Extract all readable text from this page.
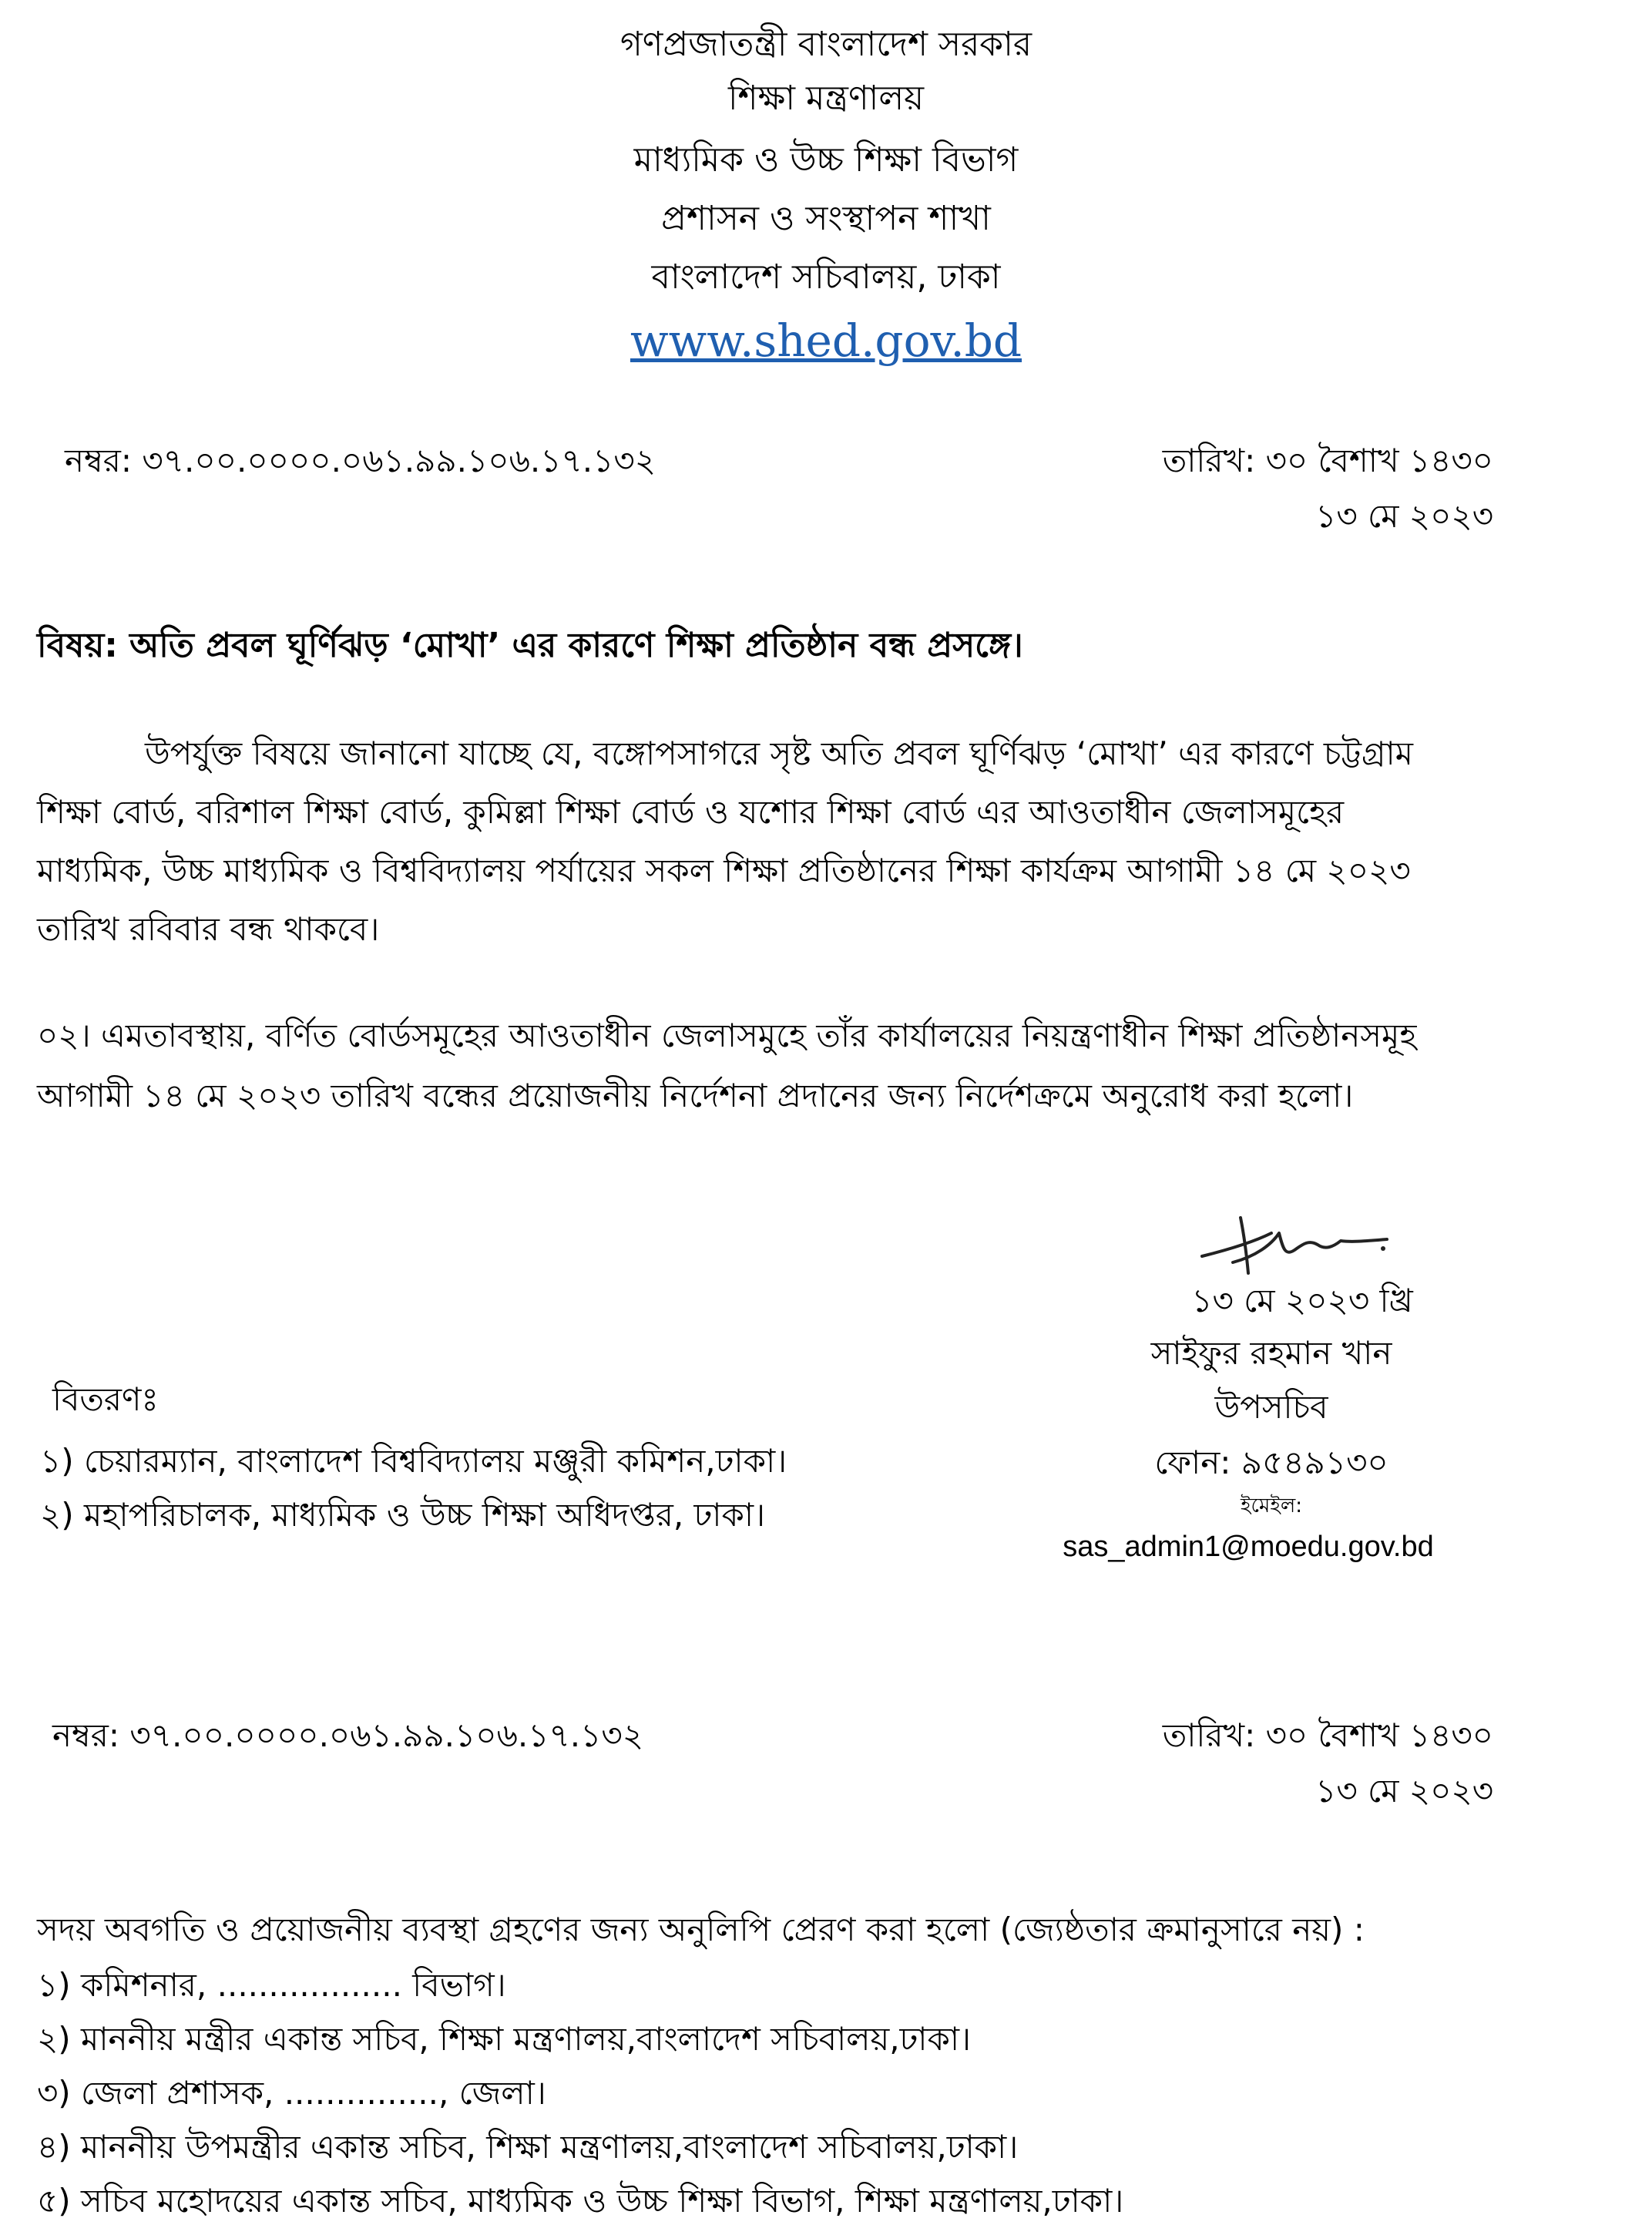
গণপ্রজাতন্ত্রী বাংলাদেশ সরকার
শিক্ষা মন্ত্রণালয়
মাধ্যমিক ও উচ্চ শিক্ষা বিভাগ
প্রশাসন ও সংস্থাপন শাখা
বাংলাদেশ সচিবালয়, ঢাকা
www.shed.gov.bd
নম্বর: ৩৭.০০.০০০০.০৬১.৯৯.১০৬.১৭.১৩২	তারিখ: ৩০ বৈশাখ ১৪৩০
১৩ মে ২০২৩
বিষয়: অতি প্রবল ঘূর্ণিঝড় ‘মোখা’ এর কারণে শিক্ষা প্রতিষ্ঠান বন্ধ প্রসঙ্গে।
উপর্যুক্ত বিষয়ে জানানো যাচ্ছে যে, বঙ্গোপসাগরে সৃষ্ট অতি প্রবল ঘূর্ণিঝড় ‘মোখা’ এর কারণে চট্টগ্রাম
শিক্ষা বোর্ড, বরিশাল শিক্ষা বোর্ড, কুমিল্লা শিক্ষা বোর্ড ও যশোর শিক্ষা বোর্ড এর আওতাধীন জেলাসমূহের
মাধ্যমিক, উচ্চ মাধ্যমিক ও বিশ্ববিদ্যালয় পর্যায়ের সকল শিক্ষা প্রতিষ্ঠানের শিক্ষা কার্যক্রম আগামী ১৪ মে ২০২৩
তারিখ রবিবার বন্ধ থাকবে।
০২। এমতাবস্থায়, বর্ণিত বোর্ডসমূহের আওতাধীন জেলাসমুহে তাঁর কার্যালয়ের নিয়ন্ত্রণাধীন শিক্ষা প্রতিষ্ঠানসমূহ
আগামী ১৪ মে ২০২৩ তারিখ বন্ধের প্রয়োজনীয় নির্দেশনা প্রদানের জন্য নির্দেশক্রমে অনুরোধ করা হলো।
১৩ মে ২০২৩ খ্রি
সাইফুর রহমান খান
উপসচিব
ফোন: ৯৫৪৯১৩০
ইমেইল:
sas_admin1@moedu.gov.bd
বিতরণঃ
১) চেয়ারম্যান, বাংলাদেশ বিশ্ববিদ্যালয় মঞ্জুরী কমিশন,ঢাকা।
২) মহাপরিচালক, মাধ্যমিক ও উচ্চ শিক্ষা অধিদপ্তর, ঢাকা।
নম্বর: ৩৭.০০.০০০০.০৬১.৯৯.১০৬.১৭.১৩২	তারিখ: ৩০ বৈশাখ ১৪৩০
১৩ মে ২০২৩
সদয় অবগতি ও প্রয়োজনীয় ব্যবস্থা গ্রহণের জন্য অনুলিপি প্রেরণ করা হলো (জ্যেষ্ঠতার ক্রমানুসারে নয়) :
১) কমিশনার, .................. বিভাগ।
২) মাননীয় মন্ত্রীর একান্ত সচিব, শিক্ষা মন্ত্রণালয়,বাংলাদেশ সচিবালয়,ঢাকা।
৩) জেলা প্রশাসক, ..............., জেলা।
৪) মাননীয় উপমন্ত্রীর একান্ত সচিব, শিক্ষা মন্ত্রণালয়,বাংলাদেশ সচিবালয়,ঢাকা।
৫) সচিব মহোদয়ের একান্ত সচিব, মাধ্যমিক ও উচ্চ শিক্ষা বিভাগ, শিক্ষা মন্ত্রণালয়,ঢাকা।
